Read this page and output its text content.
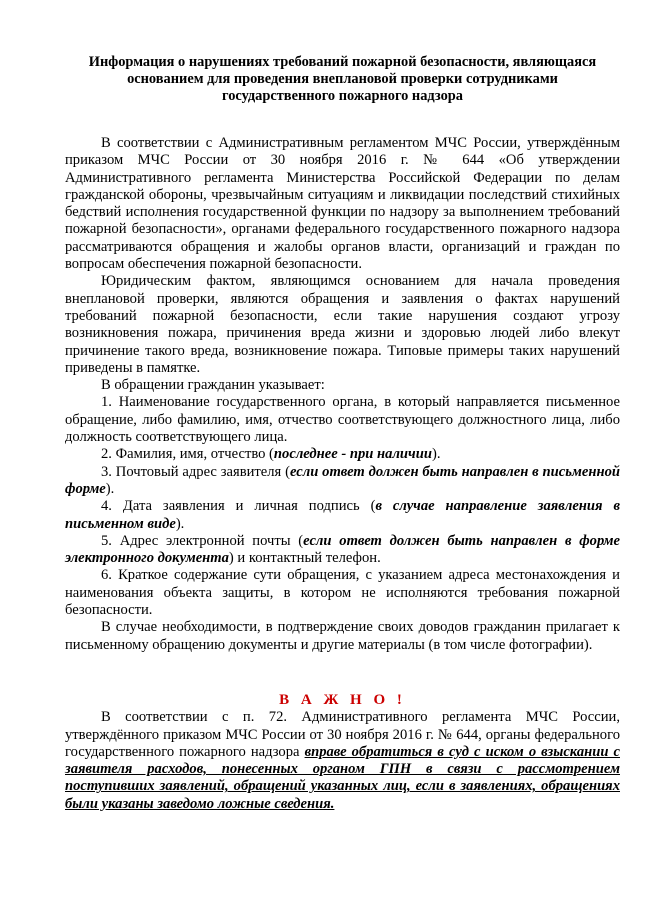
Информация о нарушениях требований пожарной безопасности, являющаяся
основанием для проведения внеплановой проверки сотрудниками
государственного пожарного надзора

В соответствии с Административным регламентом МЧС России, утверждённым приказом МЧС России от 30 ноября 2016 г. № 644 «Об утверждении Административного регламента Министерства Российской Федерации по делам гражданской обороны, чрезвычайным ситуациям и ликвидации последствий стихийных бедствий исполнения государственной функции по надзору за выполнением требований пожарной безопасности», органами федерального государственного пожарного надзора рассматриваются обращения и жалобы органов власти, организаций и граждан по вопросам обеспечения пожарной безопасности.

Юридическим фактом, являющимся основанием для начала проведения внеплановой проверки, являются обращения и заявления о фактах нарушений требований пожарной безопасности, если такие нарушения создают угрозу возникновения пожара, причинения вреда жизни и здоровью людей либо влекут причинение такого вреда, возникновение пожара. Типовые примеры таких нарушений приведены в памятке.

В обращении гражданин указывает:

1. Наименование государственного органа, в который направляется письменное обращение, либо фамилию, имя, отчество соответствующего должностного лица, либо должность соответствующего лица.

2. Фамилия, имя, отчество (последнее - при наличии).

3. Почтовый адрес заявителя (если ответ должен быть направлен в письменной форме).

4. Дата заявления и личная подпись (в случае направление заявления в письменном виде).

5. Адрес электронной почты (если ответ должен быть направлен в форме электронного документа) и контактный телефон.

6. Краткое содержание сути обращения, с указанием адреса местонахождения и наименования объекта защиты, в котором не исполняются требования пожарной безопасности.

В случае необходимости, в подтверждение своих доводов гражданин прилагает к письменному обращению документы и другие материалы (в том числе фотографии).

В А Ж Н О !

В соответствии с п. 72. Административного регламента МЧС России, утверждённого приказом МЧС России от 30 ноября 2016 г. № 644, органы федерального государственного пожарного надзора вправе обратиться в суд с иском о взыскании с заявителя расходов, понесенных органом ГПН в связи с рассмотрением поступивших заявлений, обращений указанных лиц, если в заявлениях, обращениях были указаны заведомо ложные сведения.
